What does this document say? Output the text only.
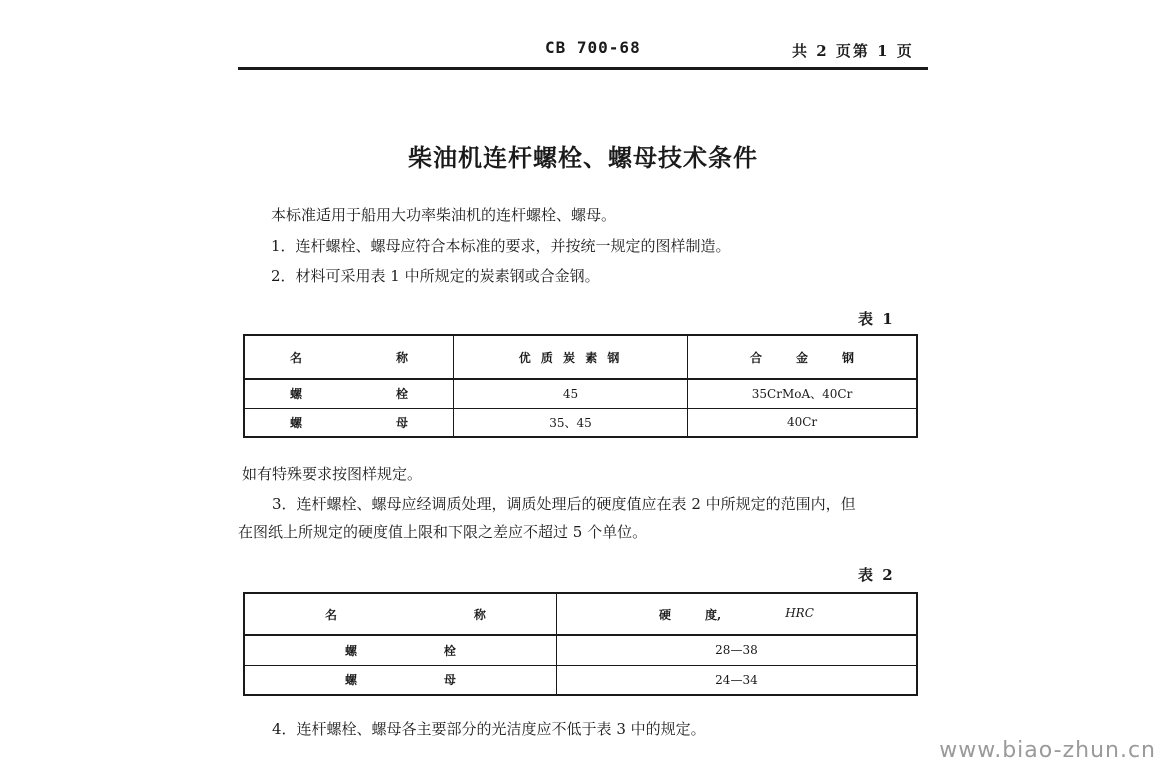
CB 700-68	共 2 页第 1 页
柴油机连杆螺栓、螺母技术条件
本标准适用于船用大功率柴油机的连杆螺栓、螺母。
1．连杆螺栓、螺母应符合本标准的要求，并按统一规定的图样制造。
2．材料可采用表 1 中所规定的炭素钢或合金钢。
表 1
名 称	优 质 炭 素 钢	合 金 钢

螺 栓	45	35CrMoA、40Cr

螺 母	35、45	40Cr
如有特殊要求按图样规定。
3．连杆螺栓、螺母应经调质处理，调质处理后的硬度值应在表 2 中所规定的范围内，但
在图纸上所规定的硬度值上限和下限之差应不超过 5 个单位。
表 2
名 称	硬 度, HRC

螺 栓	28—38

螺 母	24—34
4．连杆螺栓、螺母各主要部分的光洁度应不低于表 3 中的规定。
www.biao-zhun.cn
